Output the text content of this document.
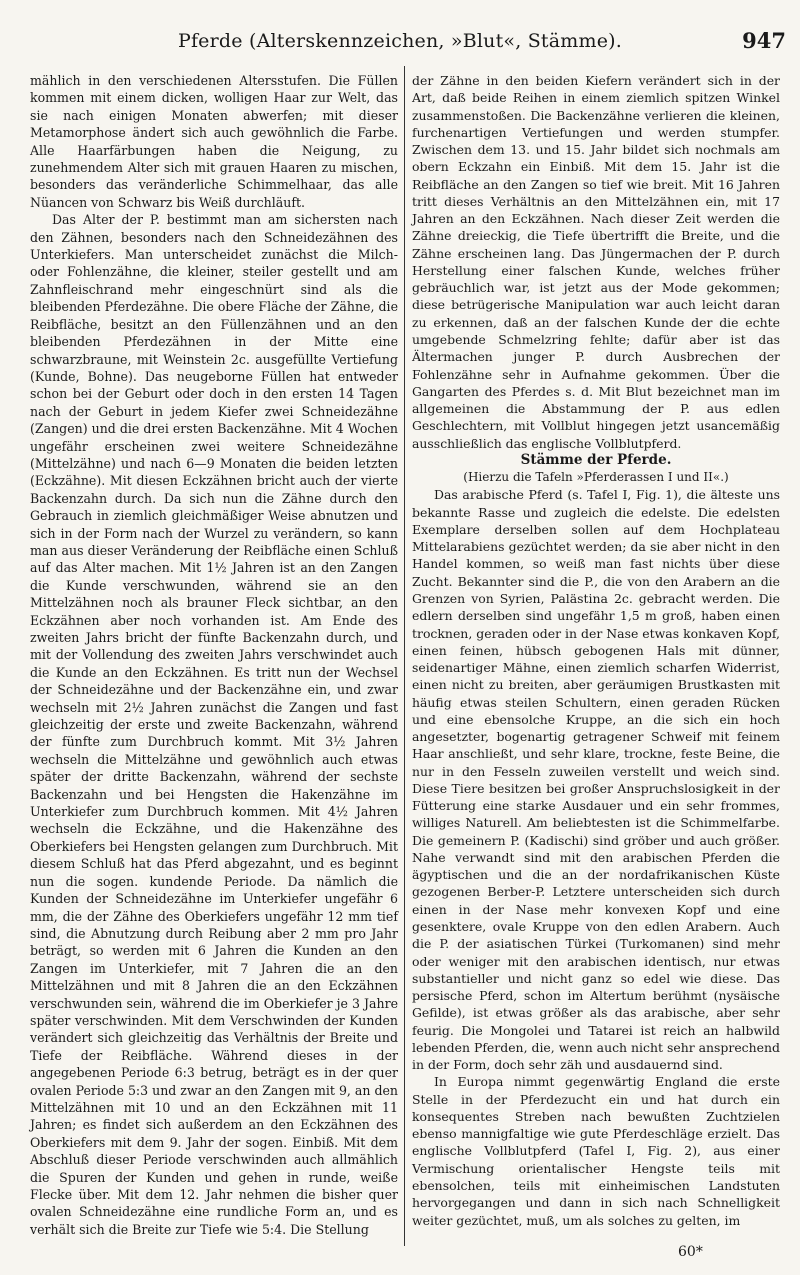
Pferde (Alterskennzeichen, »Blut«, Stämme).	947

mählich in den verschiedenen Altersstufen. Die Füllen kommen mit einem dicken, wolligen Haar zur Welt, das sie nach einigen Monaten abwerfen; mit dieser Metamorphose ändert sich auch gewöhnlich die Farbe. Alle Haarfärbungen haben die Neigung, zu zunehmendem Alter sich mit grauen Haaren zu mischen, besonders das veränderliche Schimmelhaar, das alle Nüancen von Schwarz bis Weiß durchläuft.

Das Alter der P. bestimmt man am sichersten nach den Zähnen, besonders nach den Schneidezähnen des Unterkiefers. Man unterscheidet zunächst die Milch- oder Fohlenzähne, die kleiner, steiler gestellt und am Zahnfleischrand mehr eingeschnürt sind als die bleibenden Pferdezähne. Die obere Fläche der Zähne, die Reibfläche, besitzt an den Füllenzähnen und an den bleibenden Pferdezähnen in der Mitte eine schwarzbraune, mit Weinstein 2c. ausgefüllte Vertiefung (Kunde, Bohne). Das neugeborne Füllen hat entweder schon bei der Geburt oder doch in den ersten 14 Tagen nach der Geburt in jedem Kiefer zwei Schneidezähne (Zangen) und die drei ersten Backenzähne. Mit 4 Wochen ungefähr erscheinen zwei weitere Schneidezähne (Mittelzähne) und nach 6—9 Monaten die beiden letzten (Eckzähne). Mit diesen Eckzähnen bricht auch der vierte Backenzahn durch. Da sich nun die Zähne durch den Gebrauch in ziemlich gleichmäßiger Weise abnutzen und sich in der Form nach der Wurzel zu verändern, so kann man aus dieser Veränderung der Reibfläche einen Schluß auf das Alter machen. Mit 1½ Jahren ist an den Zangen die Kunde verschwunden, während sie an den Mittelzähnen noch als brauner Fleck sichtbar, an den Eckzähnen aber noch vorhanden ist. Am Ende des zweiten Jahrs bricht der fünfte Backenzahn durch, und mit der Vollendung des zweiten Jahrs verschwindet auch die Kunde an den Eckzähnen. Es tritt nun der Wechsel der Schneidezähne und der Backenzähne ein, und zwar wechseln mit 2½ Jahren zunächst die Zangen und fast gleichzeitig der erste und zweite Backenzahn, während der fünfte zum Durchbruch kommt. Mit 3½ Jahren wechseln die Mittelzähne und gewöhnlich auch etwas später der dritte Backenzahn, während der sechste Backenzahn und bei Hengsten die Hakenzähne im Unterkiefer zum Durchbruch kommen. Mit 4½ Jahren wechseln die Eckzähne, und die Hakenzähne des Oberkiefers bei Hengsten gelangen zum Durchbruch. Mit diesem Schluß hat das Pferd abgezahnt, und es beginnt nun die sogen. kundende Periode. Da nämlich die Kunden der Schneidezähne im Unterkiefer ungefähr 6 mm, die der Zähne des Oberkiefers ungefähr 12 mm tief sind, die Abnutzung durch Reibung aber 2 mm pro Jahr beträgt, so werden mit 6 Jahren die Kunden an den Zangen im Unterkiefer, mit 7 Jahren die an den Mittelzähnen und mit 8 Jahren die an den Eckzähnen verschwunden sein, während die im Oberkiefer je 3 Jahre später verschwinden. Mit dem Verschwinden der Kunden verändert sich gleichzeitig das Verhältnis der Breite und Tiefe der Reibfläche. Während dieses in der angegebenen Periode 6:3 betrug, beträgt es in der quer ovalen Periode 5:3 und zwar an den Zangen mit 9, an den Mittelzähnen mit 10 und an den Eckzähnen mit 11 Jahren; es findet sich außerdem an den Eckzähnen des Oberkiefers mit dem 9. Jahr der sogen. Einbiß. Mit dem Abschluß dieser Periode verschwinden auch allmählich die Spuren der Kunden und gehen in runde, weiße Flecke über. Mit dem 12. Jahr nehmen die bisher quer ovalen Schneidezähne eine rundliche Form an, und es verhält sich die Breite zur Tiefe wie 5:4. Die Stellung

der Zähne in den beiden Kiefern verändert sich in der Art, daß beide Reihen in einem ziemlich spitzen Winkel zusammenstoßen. Die Backenzähne verlieren die kleinen, furchenartigen Vertiefungen und werden stumpfer. Zwischen dem 13. und 15. Jahr bildet sich nochmals am obern Eckzahn ein Einbiß. Mit dem 15. Jahr ist die Reibfläche an den Zangen so tief wie breit. Mit 16 Jahren tritt dieses Verhältnis an den Mittelzähnen ein, mit 17 Jahren an den Eckzähnen. Nach dieser Zeit werden die Zähne dreieckig, die Tiefe übertrifft die Breite, und die Zähne erscheinen lang. Das Jüngermachen der P. durch Herstellung einer falschen Kunde, welches früher gebräuchlich war, ist jetzt aus der Mode gekommen; diese betrügerische Manipulation war auch leicht daran zu erkennen, daß an der falschen Kunde der die echte umgebende Schmelzring fehlte; dafür aber ist das Ältermachen junger P. durch Ausbrechen der Fohlenzähne sehr in Aufnahme gekommen. Über die Gangarten des Pferdes s. d. Mit Blut bezeichnet man im allgemeinen die Abstammung der P. aus edlen Geschlechtern, mit Vollblut hingegen jetzt usancemäßig ausschließlich das englische Vollblutpferd.

Stämme der Pferde.

(Hierzu die Tafeln »Pferderassen I und II«.)

Das arabische Pferd (s. Tafel I, Fig. 1), die älteste uns bekannte Rasse und zugleich die edelste. Die edelsten Exemplare derselben sollen auf dem Hochplateau Mittelarabiens gezüchtet werden; da sie aber nicht in den Handel kommen, so weiß man fast nichts über diese Zucht. Bekannter sind die P., die von den Arabern an die Grenzen von Syrien, Palästina 2c. gebracht werden. Die edlern derselben sind ungefähr 1,5 m groß, haben einen trocknen, geraden oder in der Nase etwas konkaven Kopf, einen feinen, hübsch gebogenen Hals mit dünner, seidenartiger Mähne, einen ziemlich scharfen Widerrist, einen nicht zu breiten, aber geräumigen Brustkasten mit häufig etwas steilen Schultern, einen geraden Rücken und eine ebensolche Kruppe, an die sich ein hoch angesetzter, bogenartig getragener Schweif mit feinem Haar anschließt, und sehr klare, trockne, feste Beine, die nur in den Fesseln zuweilen verstellt und weich sind. Diese Tiere besitzen bei großer Anspruchslosigkeit in der Fütterung eine starke Ausdauer und ein sehr frommes, williges Naturell. Am beliebtesten ist die Schimmelfarbe. Die gemeinern P. (Kadischi) sind gröber und auch größer. Nahe verwandt sind mit den arabischen Pferden die ägyptischen und die an der nordafrikanischen Küste gezogenen Berber-P. Letztere unterscheiden sich durch einen in der Nase mehr konvexen Kopf und eine gesenktere, ovale Kruppe von den edlen Arabern. Auch die P. der asiatischen Türkei (Turkomanen) sind mehr oder weniger mit den arabischen identisch, nur etwas substantieller und nicht ganz so edel wie diese. Das persische Pferd, schon im Altertum berühmt (nysäische Gefilde), ist etwas größer als das arabische, aber sehr feurig. Die Mongolei und Tatarei ist reich an halbwild lebenden Pferden, die, wenn auch nicht sehr ansprechend in der Form, doch sehr zäh und ausdauernd sind.

In Europa nimmt gegenwärtig England die erste Stelle in der Pferdezucht ein und hat durch ein konsequentes Streben nach bewußten Zuchtzielen ebenso mannigfaltige wie gute Pferdeschläge erzielt. Das englische Vollblutpferd (Tafel I, Fig. 2), aus einer Vermischung orientalischer Hengste teils mit ebensolchen, teils mit einheimischen Landstuten hervorgegangen und dann in sich nach Schnelligkeit weiter gezüchtet, muß, um als solches zu gelten, im

60*
